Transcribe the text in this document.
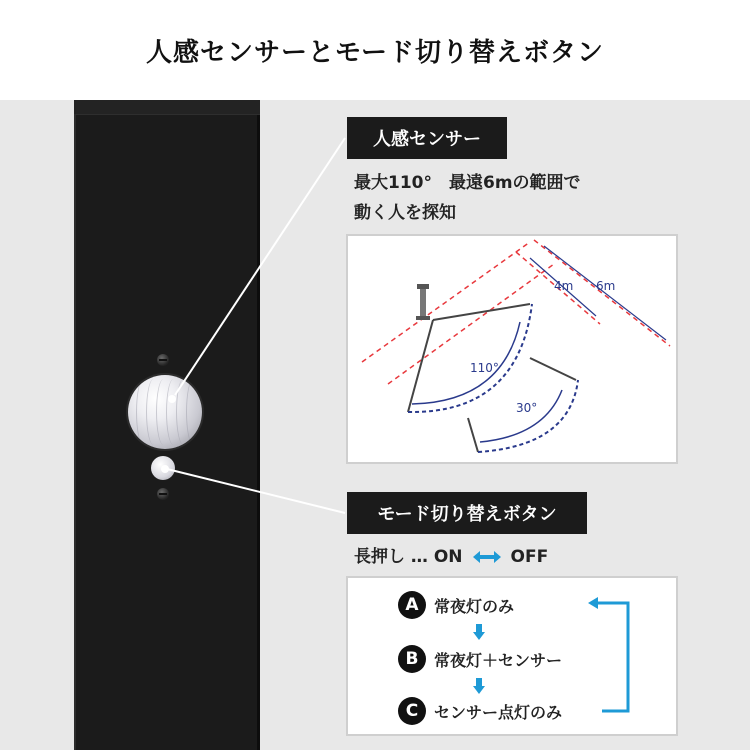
人感センサーとモード切り替えボタン
人感センサー
最大110°　最遠6mの範囲で
動く人を探知
4m 6m
110°
30°
モード切り替えボタン
長押し … ON	OFF
A 常夜灯のみ
B 常夜灯＋センサー
C センサー点灯のみ
